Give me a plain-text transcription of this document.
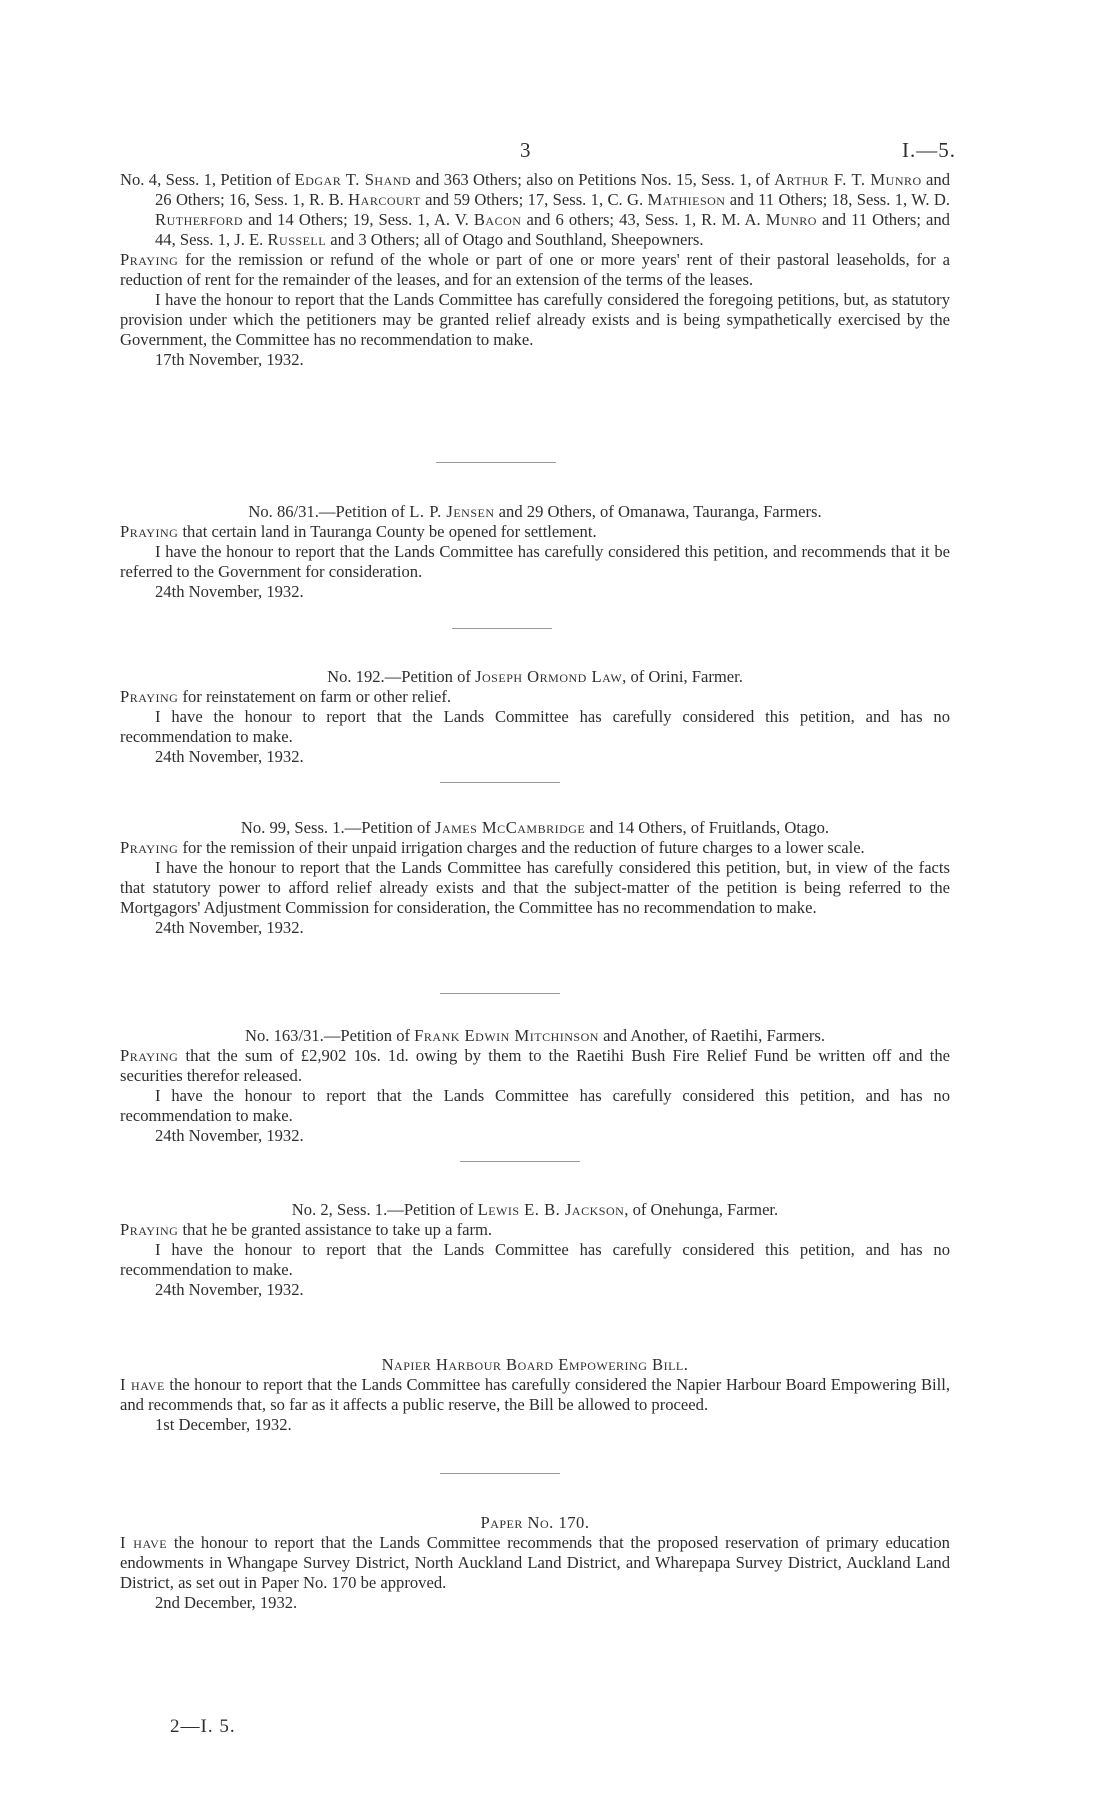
3	I.—5.

No. 4, Sess. 1, Petition of Edgar T. Shand and 363 Others; also on Petitions Nos. 15, Sess. 1, of Arthur F. T. Munro and 26 Others; 16, Sess. 1, R. B. Harcourt and 59 Others; 17, Sess. 1, C. G. Mathieson and 11 Others; 18, Sess. 1, W. D. Rutherford and 14 Others; 19, Sess. 1, A. V. Bacon and 6 others; 43, Sess. 1, R. M. A. Munro and 11 Others; and 44, Sess. 1, J. E. Russell and 3 Others; all of Otago and Southland, Sheepowners.

Praying for the remission or refund of the whole or part of one or more years' rent of their pastoral leaseholds, for a reduction of rent for the remainder of the leases, and for an extension of the terms of the leases.

I have the honour to report that the Lands Committee has carefully considered the foregoing petitions, but, as statutory provision under which the petitioners may be granted relief already exists and is being sympathetically exercised by the Government, the Committee has no recommendation to make.

17th November, 1932.

No. 86/31.—Petition of L. P. Jensen and 29 Others, of Omanawa, Tauranga, Farmers.

Praying that certain land in Tauranga County be opened for settlement.

I have the honour to report that the Lands Committee has carefully considered this petition, and recommends that it be referred to the Government for consideration.

24th November, 1932.

No. 192.—Petition of Joseph Ormond Law, of Orini, Farmer.

Praying for reinstatement on farm or other relief.

I have the honour to report that the Lands Committee has carefully considered this petition, and has no recommendation to make.

24th November, 1932.

No. 99, Sess. 1.—Petition of James McCambridge and 14 Others, of Fruitlands, Otago.

Praying for the remission of their unpaid irrigation charges and the reduction of future charges to a lower scale.

I have the honour to report that the Lands Committee has carefully considered this petition, but, in view of the facts that statutory power to afford relief already exists and that the subject-matter of the petition is being referred to the Mortgagors' Adjustment Commission for consideration, the Committee has no recommendation to make.

24th November, 1932.

No. 163/31.—Petition of Frank Edwin Mitchinson and Another, of Raetihi, Farmers.

Praying that the sum of £2,902 10s. 1d. owing by them to the Raetihi Bush Fire Relief Fund be written off and the securities therefor released.

I have the honour to report that the Lands Committee has carefully considered this petition, and has no recommendation to make.

24th November, 1932.

No. 2, Sess. 1.—Petition of Lewis E. B. Jackson, of Onehunga, Farmer.

Praying that he be granted assistance to take up a farm.

I have the honour to report that the Lands Committee has carefully considered this petition, and has no recommendation to make.

24th November, 1932.

Napier Harbour Board Empowering Bill.

I have the honour to report that the Lands Committee has carefully considered the Napier Harbour Board Empowering Bill, and recommends that, so far as it affects a public reserve, the Bill be allowed to proceed.

1st December, 1932.

Paper No. 170.

I have the honour to report that the Lands Committee recommends that the proposed reservation of primary education endowments in Whangape Survey District, North Auckland Land District, and Wharepapa Survey District, Auckland Land District, as set out in Paper No. 170 be approved.

2nd December, 1932.

2—I. 5.
